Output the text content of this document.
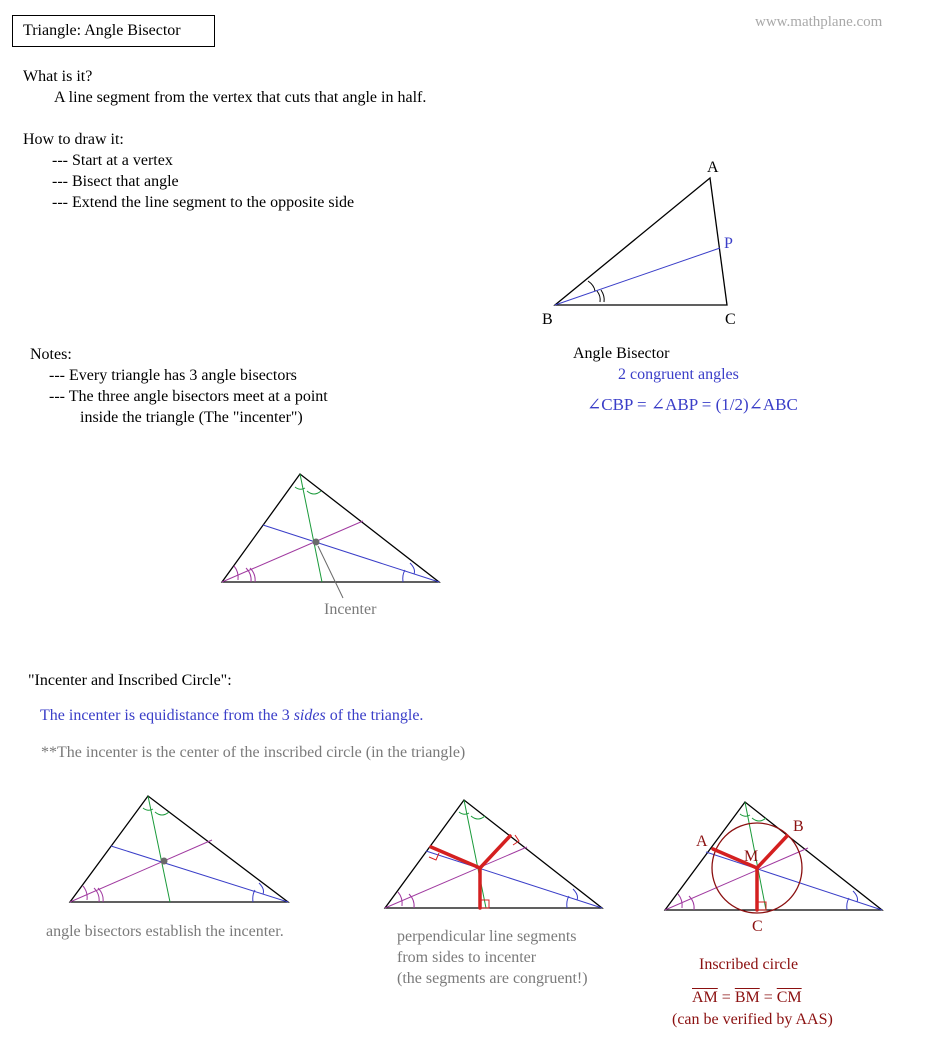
Triangle: Angle Bisector	www.mathplane.com
What is it?
A line segment from the vertex that cuts that angle in half.
How to draw it:
--- Start at a vertex
--- Bisect that angle
--- Extend the line segment to the opposite side
Notes:
--- Every triangle has 3 angle bisectors
--- The three angle bisectors meet at a point
inside the triangle (The "incenter")
Angle Bisector
2 congruent angles
∠CBP = ∠ABP = (1/2)∠ABC
"Incenter and Inscribed Circle":
The incenter is equidistance from the 3 sides of the triangle.
**The incenter is the center of the inscribed circle (in the triangle)
angle bisectors establish the incenter.	perpendicular line segments
from sides to incenter
(the segments are congruent!)
Inscribed circle
$\overline{AM} = \overline{BM} = \overline{CM}$
(can be verified by AAS)
A
B	C
P
Incenter
A
B
C
M
